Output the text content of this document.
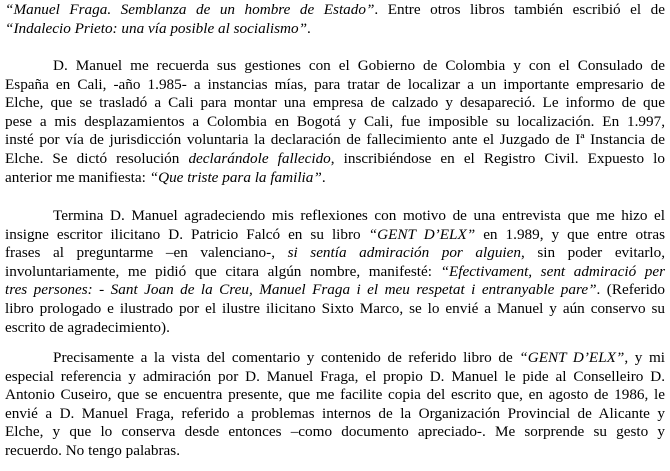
“Manuel Fraga. Semblanza de un hombre de Estado”. Entre otros libros también escribió el de
“Indalecio Prieto: una vía posible al socialismo”.
D. Manuel me recuerda sus gestiones con el Gobierno de Colombia y con el Consulado de
España en Cali, -año 1.985- a instancias mías, para tratar de localizar a un importante empresario de
Elche, que se trasladó a Cali para montar una empresa de calzado y desapareció. Le informo de que
pese a mis desplazamientos a Colombia en Bogotá y Cali, fue imposible su localización. En 1.997,
insté por vía de jurisdicción voluntaria la declaración de fallecimiento ante el Juzgado de Iª Instancia de
Elche. Se dictó resolución declarándole fallecido, inscribiéndose en el Registro Civil. Expuesto lo
anterior me manifiesta: “Que triste para la familia”.
Termina D. Manuel agradeciendo mis reflexiones con motivo de una entrevista que me hizo el
insigne escritor ilicitano D. Patricio Falcó en su libro “GENT D’ELX” en 1.989, y que entre otras
frases al preguntarme –en valenciano-, si sentía admiración por alguien, sin poder evitarlo,
involuntariamente, me pidió que citara algún nombre, manifesté: “Efectivament, sent admiració per
tres persones: - Sant Joan de la Creu, Manuel Fraga i el meu respetat i entranyable pare”. (Referido
libro prologado e ilustrado por el ilustre ilicitano Sixto Marco, se lo envié a Manuel y aún conservo su
escrito de agradecimiento).
Precisamente a la vista del comentario y contenido de referido libro de “GENT D’ELX”, y mi
especial referencia y admiración por D. Manuel Fraga, el propio D. Manuel le pide al Conselleiro D.
Antonio Cuseiro, que se encuentra presente, que me facilite copia del escrito que, en agosto de 1986, le
envié a D. Manuel Fraga, referido a problemas internos de la Organización Provincial de Alicante y
Elche, y que lo conserva desde entonces –como documento apreciado-. Me sorprende su gesto y
recuerdo. No tengo palabras.
